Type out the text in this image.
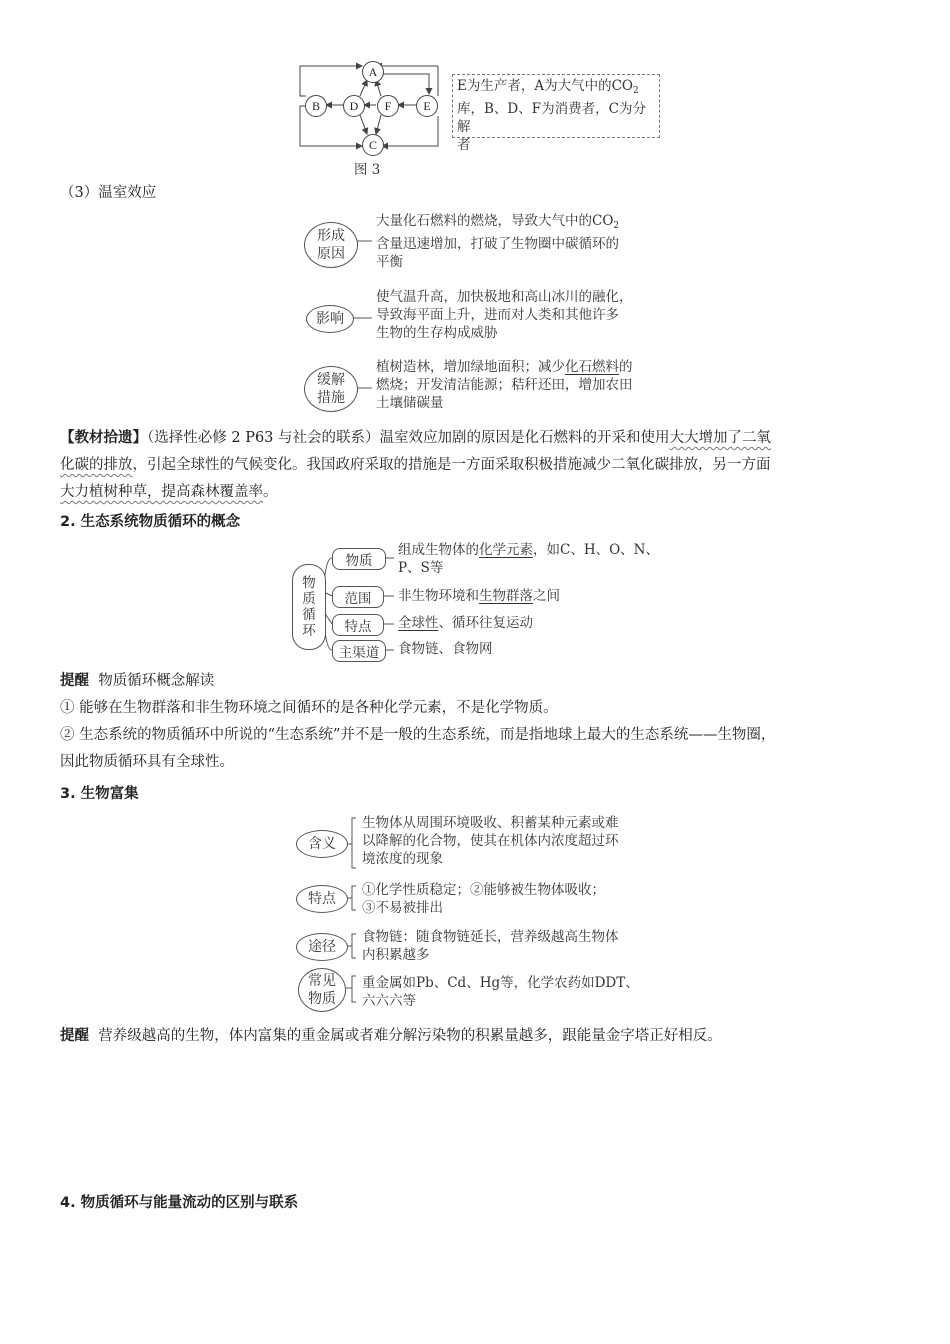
A
B	D	F	E
C
E为生产者，A为大气中的$CO_2$
库，B、D、F为消费者，C为分解
者
图 3
（3）温室效应
形成
原因
影响
缓解
措施
大量化石燃料的燃烧，导致大气中的$CO_2$
含量迅速增加，打破了生物圈中碳循环的
平衡
使气温升高，加快极地和高山冰川的融化，
导致海平面上升，进而对人类和其他许多
生物的生存构成威胁
植树造林，增加绿地面积；减少化石燃料的
燃烧；开发清洁能源；秸秆还田，增加农田
土壤储碳量
【教材拾遗】（选择性必修 2 P63 与社会的联系）温室效应加剧的原因是化石燃料的开采和使用大大增加了二氧
化碳的排放，引起全球性的气候变化。我国政府采取的措施是一方面采取积极措施减少二氧化碳排放，另一方面
大力植树种草，提高森林覆盖率。
2. 生态系统物质循环的概念
物
质
循
环
物质
范围
特点
主渠道
组成生物体的化学元素，如C、H、O、N、
P、S等
非生物环境和生物群落之间
全球性、循环往复运动
食物链、食物网
提醒 物质循环概念解读
① 能够在生物群落和非生物环境之间循环的是各种化学元素，不是化学物质。
② 生态系统的物质循环中所说的“生态系统”并不是一般的生态系统，而是指地球上最大的生态系统——生物圈，
因此物质循环具有全球性。
3. 生物富集
含义
特点
途径
常见
物质
生物体从周围环境吸收、积蓄某种元素或难
以降解的化合物，使其在机体内浓度超过环
境浓度的现象
①化学性质稳定；②能够被生物体吸收；
③不易被排出
食物链：随食物链延长，营养级越高生物体
内积累越多
重金属如Pb、Cd、Hg等，化学农药如DDT、
六六六等
提醒 营养级越高的生物，体内富集的重金属或者难分解污染物的积累量越多，跟能量金字塔正好相反。
4. 物质循环与能量流动的区别与联系
